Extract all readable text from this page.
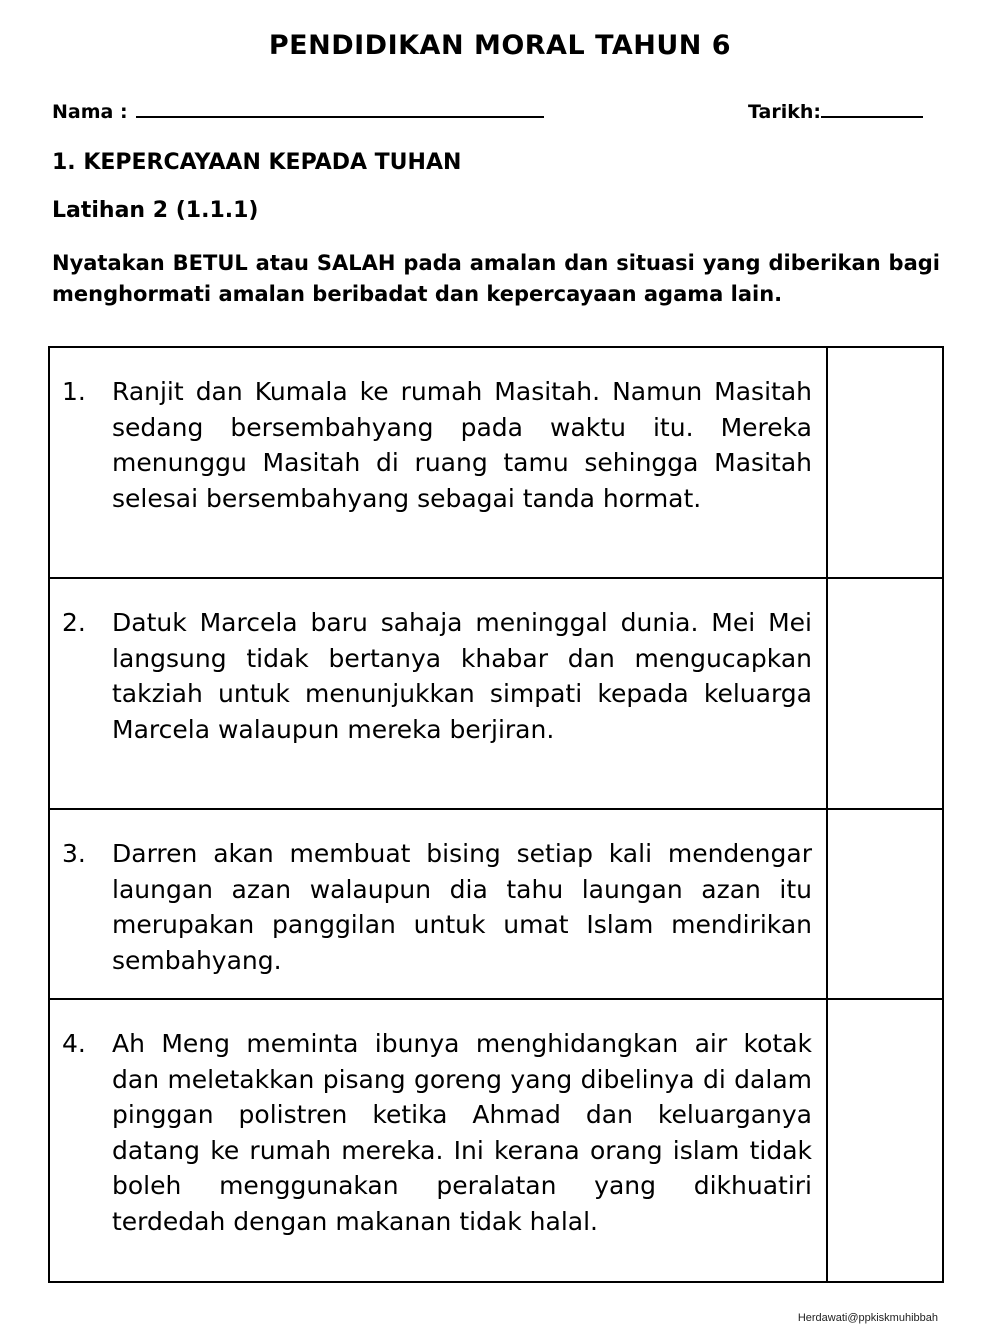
PENDIDIKAN MORAL TAHUN 6
Nama :	Tarikh:
1. KEPERCAYAAN KEPADA TUHAN
Latihan 2 (1.1.1)
Nyatakan BETUL atau SALAH pada amalan dan situasi yang diberikan bagi menghormati amalan beribadat dan kepercayaan agama lain.
1. Ranjit dan Kumala ke rumah Masitah. Namun Masitah sedang bersembahyang pada waktu itu. Mereka menunggu Masitah di ruang tamu sehingga Masitah selesai bersembahyang sebagai tanda hormat.	

2. Datuk Marcela baru sahaja meninggal dunia. Mei Mei langsung tidak bertanya khabar dan mengucapkan takziah untuk menunjukkan simpati kepada keluarga Marcela walaupun mereka berjiran.	

3. Darren akan membuat bising setiap kali mendengar laungan azan walaupun dia tahu laungan azan itu merupakan panggilan untuk umat Islam mendirikan sembahyang.	

4. Ah Meng meminta ibunya menghidangkan air kotak dan meletakkan pisang goreng yang dibelinya di dalam pinggan polistren ketika Ahmad dan keluarganya datang ke rumah mereka. Ini kerana orang islam tidak boleh menggunakan peralatan yang dikhuatiri terdedah dengan makanan tidak halal.	

Herdawati@ppkiskmuhibbah
